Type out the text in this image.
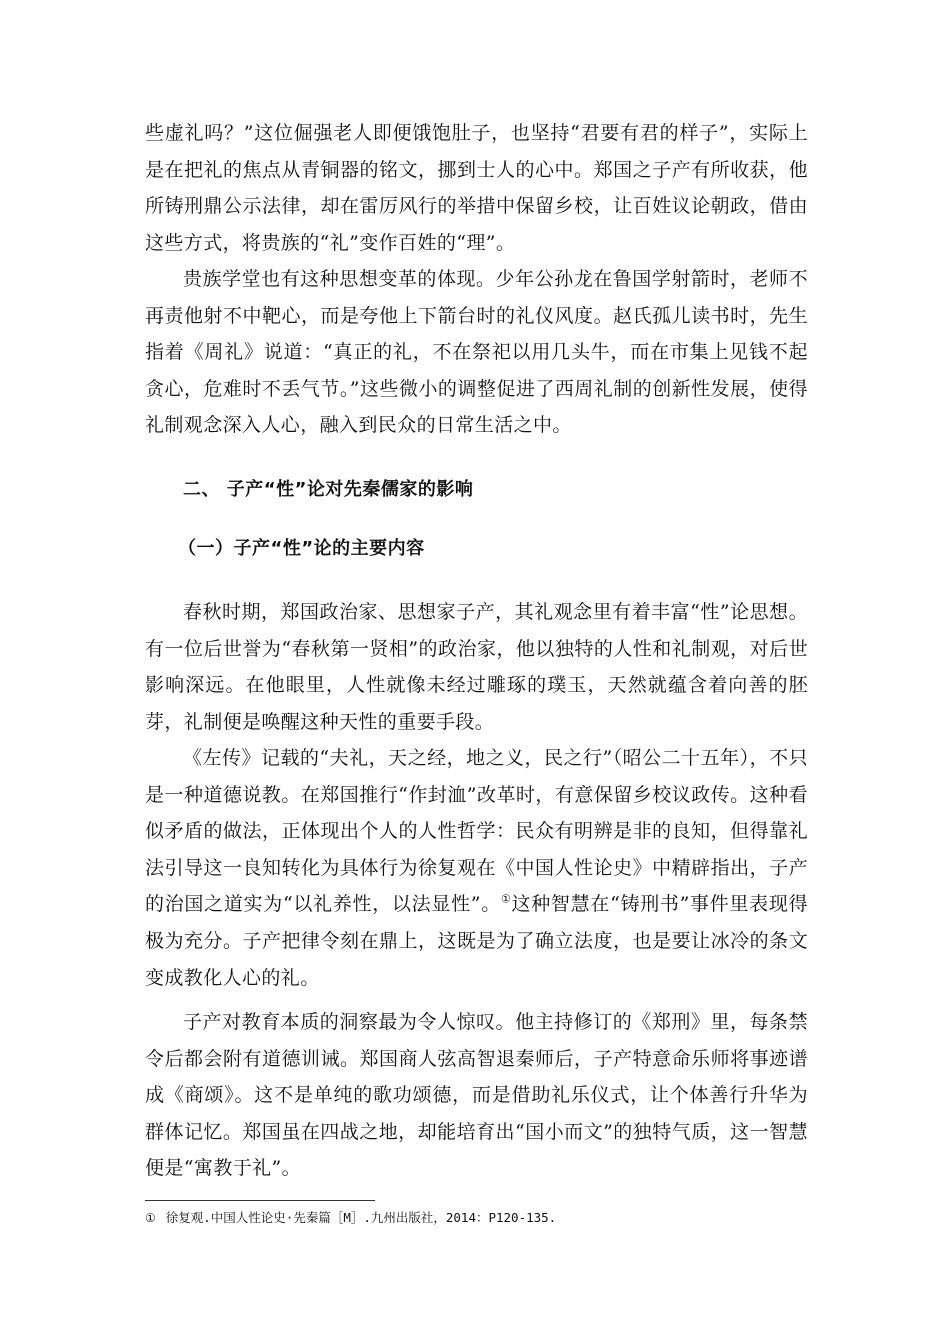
些虚礼吗？”这位倔强老人即便饿饱肚子，也坚持“君要有君的样子”，实际上是在把礼的焦点从青铜器的铭文，挪到士人的心中。郑国之子产有所收获，他所铸刑鼎公示法律，却在雷厉风行的举措中保留乡校，让百姓议论朝政，借由这些方式，将贵族的“礼”变作百姓的“理”。

贵族学堂也有这种思想变革的体现。少年公孙龙在鲁国学射箭时，老师不再责他射不中靶心，而是夸他上下箭台时的礼仪风度。赵氏孤儿读书时，先生指着《周礼》说道：“真正的礼，不在祭祀以用几头牛，而在市集上见钱不起贪心，危难时不丢气节。”这些微小的调整促进了西周礼制的创新性发展，使得礼制观念深入人心，融入到民众的日常生活之中。

二、 子产“性”论对先秦儒家的影响
（一）子产“性”论的主要内容

春秋时期，郑国政治家、思想家子产，其礼观念里有着丰富“性”论思想。有一位后世誉为“春秋第一贤相”的政治家，他以独特的人性和礼制观，对后世影响深远。在他眼里，人性就像未经过雕琢的璞玉，天然就蕴含着向善的胚芽，礼制便是唤醒这种天性的重要手段。

《左传》记载的“夫礼，天之经，地之义，民之行”（昭公二十五年），不只是一种道德说教。在郑国推行“作封洫”改革时，有意保留乡校议政传。这种看似矛盾的做法，正体现出个人的人性哲学：民众有明辨是非的良知，但得靠礼法引导这一良知转化为具体行为徐复观在《中国人性论史》中精辟指出，子产的治国之道实为“以礼养性，以法显性”。①这种智慧在“铸刑书”事件里表现得极为充分。子产把律令刻在鼎上，这既是为了确立法度，也是要让冰冷的条文变成教化人心的礼。

子产对教育本质的洞察最为令人惊叹。他主持修订的《郑刑》里，每条禁令后都会附有道德训诫。郑国商人弦高智退秦师后，子产特意命乐师将事迹谱成《商颂》。这不是单纯的歌功颂德，而是借助礼乐仪式，让个体善行升华为群体记忆。郑国虽在四战之地，却能培育出“国小而文”的独特气质，这一智慧便是“寓教于礼”。

① 徐复观.中国人性论史·先秦篇［M］.九州出版社，2014：P120-135.
